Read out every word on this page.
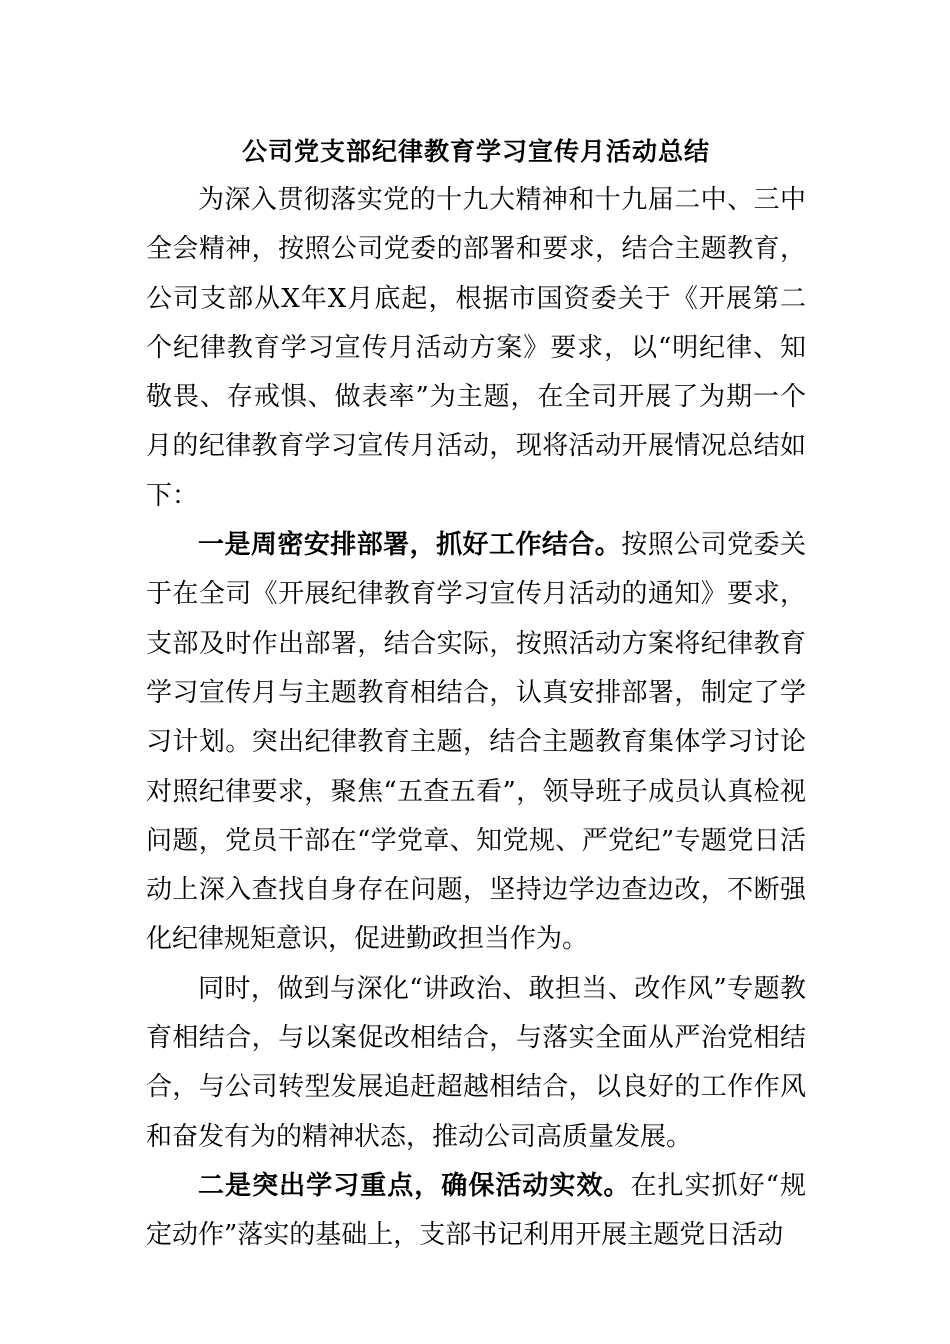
公司党支部纪律教育学习宣传月活动总结

为深入贯彻落实党的十九大精神和十九届二中、三中全会精神，按照公司党委的部署和要求，结合主题教育，公司支部从X年X月底起，根据市国资委关于《开展第二个纪律教育学习宣传月活动方案》要求，以“明纪律、知敬畏、存戒惧、做表率”为主题，在全司开展了为期一个月的纪律教育学习宣传月活动，现将活动开展情况总结如下：

一是周密安排部署，抓好工作结合。按照公司党委关于在全司《开展纪律教育学习宣传月活动的通知》要求，支部及时作出部署，结合实际，按照活动方案将纪律教育学习宣传月与主题教育相结合，认真安排部署，制定了学习计划。突出纪律教育主题，结合主题教育集体学习讨论对照纪律要求，聚焦“五查五看”，领导班子成员认真检视问题，党员干部在“学党章、知党规、严党纪”专题党日活动上深入查找自身存在问题，坚持边学边查边改，不断强化纪律规矩意识，促进勤政担当作为。

同时，做到与深化“讲政治、敢担当、改作风”专题教育相结合，与以案促改相结合，与落实全面从严治党相结合，与公司转型发展追赶超越相结合，以良好的工作作风和奋发有为的精神状态，推动公司高质量发展。

二是突出学习重点，确保活动实效。在扎实抓好“规定动作”落实的基础上，支部书记利用开展主题党日活动
